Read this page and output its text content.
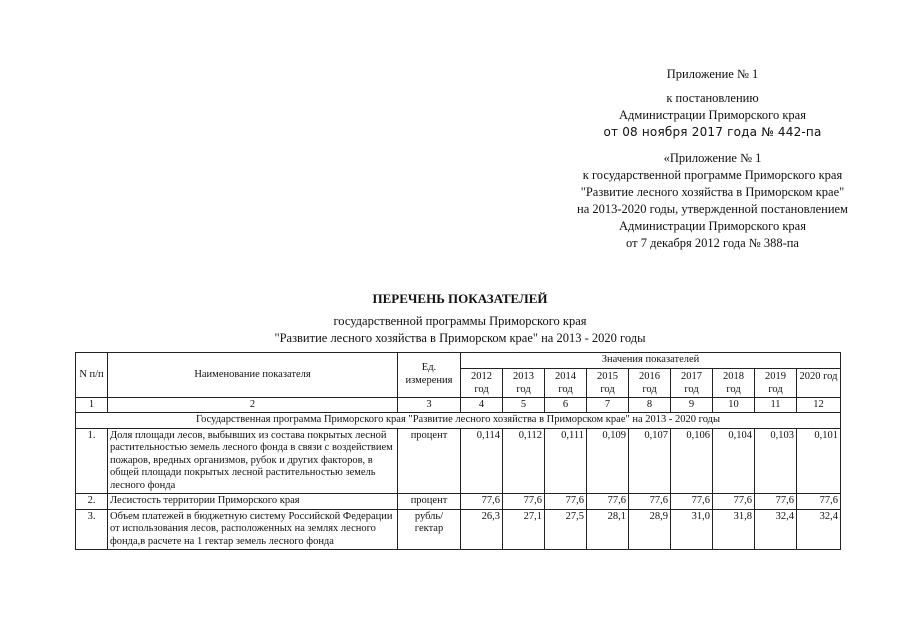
Приложение № 1
к постановлению
Администрации Приморского края
от 08 ноября 2017 года № 442-па
«Приложение № 1
к государственной программе Приморского края
"Развитие лесного хозяйства в Приморском крае"
на 2013-2020 годы, утвержденной постановлением
Администрации Приморского края
от 7 декабря 2012 года № 388-па
ПЕРЕЧЕНЬ ПОКАЗАТЕЛЕЙ
государственной программы Приморского края
"Развитие лесного хозяйства в Приморском крае" на 2013 - 2020 годы
N п/п	Наименование показателя	Ед. измерения	Значения показателей								
			2012 год	2013 год	2014 год	2015 год	2016 год	2017 год	2018 год	2019 год	2020 год
1	2	3	4	5	6	7	8	9	10	11	12
Государственная программа Приморского края "Развитие лесного хозяйства в Приморском крае" на 2013 - 2020 годы											
1.	Доля площади лесов, выбывших из состава покрытых лесной растительностью земель лесного фонда в связи с воздействием пожаров, вредных организмов, рубок и других факторов, в общей площади покрытых лесной растительностью земель лесного фонда	процент	0,114	0,112	0,111	0,109	0,107	0,106	0,104	0,103	0,101
2.	Лесистость территории Приморского края	процент	77,6	77,6	77,6	77,6	77,6	77,6	77,6	77,6	77,6
3.	Объем платежей в бюджетную систему Российской Федерации от использования лесов, расположенных на землях лесного фонда,в расчете на 1 гектар земель лесного фонда	рубль/ гектар	26,3	27,1	27,5	28,1	28,9	31,0	31,8	32,4	32,4
